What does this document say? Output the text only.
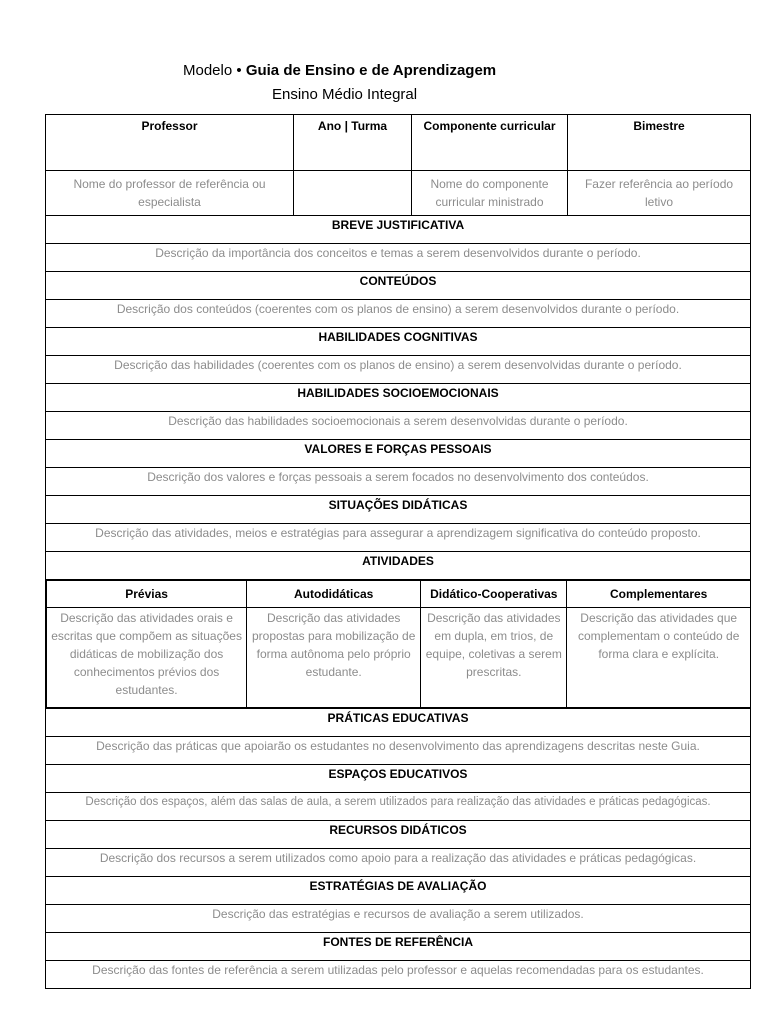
Modelo • Guia de Ensino e de Aprendizagem
Ensino Médio Integral
Professor	Ano | Turma	Componente curricular	Bimestre
Nome do professor de referência ou especialista		Nome do componente curricular ministrado	Fazer referência ao período letivo
BREVE JUSTIFICATIVA
Descrição da importância dos conceitos e temas a serem desenvolvidos durante o período.
CONTEÚDOS
Descrição dos conteúdos (coerentes com os planos de ensino) a serem desenvolvidos durante o período.
HABILIDADES COGNITIVAS
Descrição das habilidades (coerentes com os planos de ensino) a serem desenvolvidas durante o período.
HABILIDADES SOCIOEMOCIONAIS
Descrição das habilidades socioemocionais a serem desenvolvidas durante o período.
VALORES E FORÇAS PESSOAIS
Descrição dos valores e forças pessoais a serem focados no desenvolvimento dos conteúdos.
SITUAÇÕES DIDÁTICAS
Descrição das atividades, meios e estratégias para assegurar a aprendizagem significativa do conteúdo proposto.
ATIVIDADES

Prévias	Autodidáticas	Didático-Cooperativas	Complementares
Descrição das atividades orais e escritas que compõem as situações didáticas de mobilização dos conhecimentos prévios dos estudantes.	Descrição das atividades propostas para mobilização de forma autônoma pelo próprio estudante.	Descrição das atividades em dupla, em trios, de equipe, coletivas a serem prescritas.	Descrição das atividades que complementam o conteúdo de forma clara e explícita.

PRÁTICAS EDUCATIVAS
Descrição das práticas que apoiarão os estudantes no desenvolvimento das aprendizagens descritas neste Guia.
ESPAÇOS EDUCATIVOS
Descrição dos espaços, além das salas de aula, a serem utilizados para realização das atividades e práticas pedagógicas.
RECURSOS DIDÁTICOS
Descrição dos recursos a serem utilizados como apoio para a realização das atividades e práticas pedagógicas.
ESTRATÉGIAS DE AVALIAÇÃO
Descrição das estratégias e recursos de avaliação a serem utilizados.
FONTES DE REFERÊNCIA
Descrição das fontes de referência a serem utilizadas pelo professor e aquelas recomendadas para os estudantes.
